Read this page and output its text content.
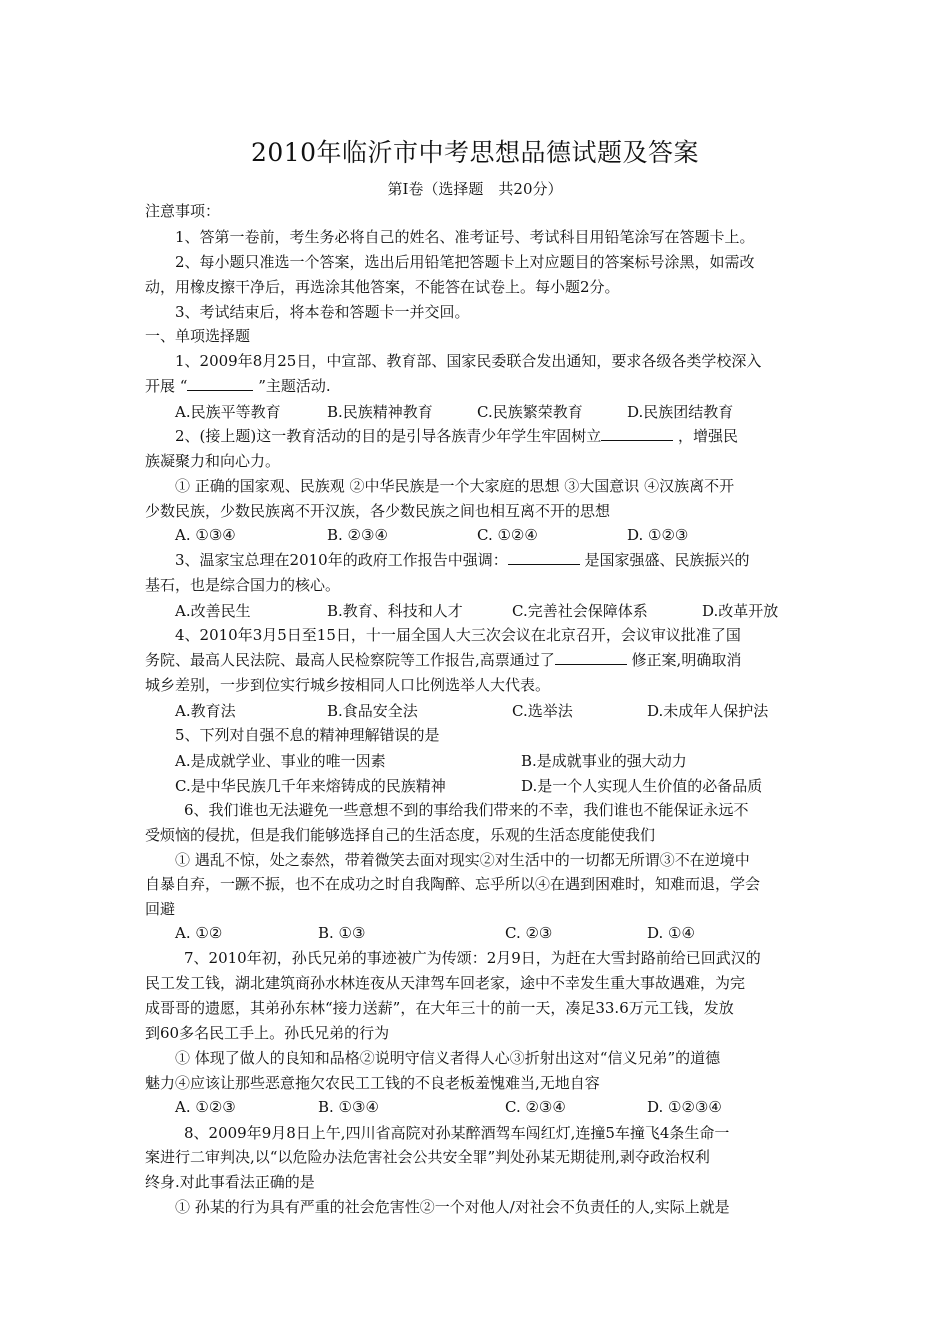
2010年临沂市中考思想品德试题及答案
第Ⅰ卷（选择题　共20分）
注意事项：
1、答第一卷前，考生务必将自己的姓名、准考证号、考试科目用铅笔涂写在答题卡上。
2、每小题只准选一个答案，选出后用铅笔把答题卡上对应题目的答案标号涂黑，如需改
动，用橡皮擦干净后，再选涂其他答案，不能答在试卷上。每小题2分。
3、考试结束后，将本卷和答题卡一并交回。
一、单项选择题
1、2009年8月25日，中宣部、教育部、国家民委联合发出通知，要求各级各类学校深入
开展 “	”主题活动.
A.民族平等教育	B.民族精神教育	C.民族繁荣教育	D.民族团结教育
2、(接上题)这一教育活动的目的是引导各族青少年学生牢固树立	，增强民
族凝聚力和向心力。
① 正确的国家观、民族观 ②中华民族是一个大家庭的思想 ③大国意识 ④汉族离不开
少数民族，少数民族离不开汉族，各少数民族之间也相互离不开的思想
A. ①③④	B. ②③④	C. ①②④	D. ①②③
3、温家宝总理在2010年的政府工作报告中强调：	是国家强盛、民族振兴的
基石，也是综合国力的核心。
A.改善民生	B.教育、科技和人才	C.完善社会保障体系	D.改革开放
4、2010年3月5日至15日，十一届全国人大三次会议在北京召开，会议审议批准了国
务院、最高人民法院、最高人民检察院等工作报告,高票通过了	修正案,明确取消
城乡差别，一步到位实行城乡按相同人口比例选举人大代表。
A.教育法	B.食品安全法	C.选举法	D.未成年人保护法
5、下列对自强不息的精神理解错误的是
A.是成就学业、事业的唯一因素	B.是成就事业的强大动力
C.是中华民族几千年来熔铸成的民族精神	D.是一个人实现人生价值的必备品质
6、我们谁也无法避免一些意想不到的事给我们带来的不幸，我们谁也不能保证永远不
受烦恼的侵扰，但是我们能够选择自己的生活态度，乐观的生活态度能使我们
① 遇乱不惊，处之泰然，带着微笑去面对现实②对生活中的一切都无所谓③不在逆境中
自暴自弃，一蹶不振，也不在成功之时自我陶醉、忘乎所以④在遇到困难时，知难而退，学会
回避
A. ①②	B. ①③	C. ②③	D. ①④
7、2010年初，孙氏兄弟的事迹被广为传颂：2月9日，为赶在大雪封路前给已回武汉的
民工发工钱，湖北建筑商孙水林连夜从天津驾车回老家，途中不幸发生重大事故遇难，为完
成哥哥的遗愿，其弟孙东林“接力送薪”，在大年三十的前一天，凑足33.6万元工钱，发放
到60多名民工手上。孙氏兄弟的行为
① 体现了做人的良知和品格②说明守信义者得人心③折射出这对“信义兄弟”的道德
魅力④应该让那些恶意拖欠农民工工钱的不良老板羞愧难当,无地自容
A. ①②③	B. ①③④	C. ②③④	D. ①②③④
8、2009年9月8日上午,四川省高院对孙某醉酒驾车闯红灯,连撞5车撞飞4条生命一
案进行二审判决,以“以危险办法危害社会公共安全罪”判处孙某无期徒刑,剥夺政治权利
终身.对此事看法正确的是
① 孙某的行为具有严重的社会危害性②一个对他人/对社会不负责任的人,实际上就是
